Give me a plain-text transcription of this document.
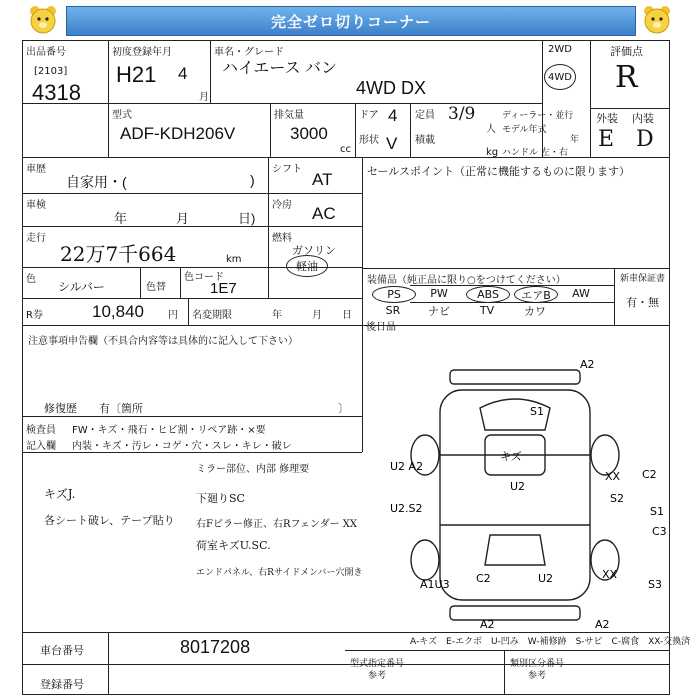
完全ゼロ切りコーナー
出品番号
[2103]
4318
初度登録年月
H21 4
月
車名・グレード
ハイエース バン
4WD DX
2WD
4WD
評価点
R
型式
ADF-KDH206V
排気量
3000
cc
ドア 4
形状 V
定員 3/9
人
積載
kg
ディーラー・並行
モデル年式
年
ハンドル 左・右
外装 内装
E D
車歴
自家用・(	)
シフト
AT	セールスポイント（正常に機能するものに限ります）
車検
年	月	日)
冷房 AC
走行
22万7千664	km
燃料
ガソリン
軽油
色
シルバー	色替
色コード
1E7	装備品（純正品に限り○をつけてください）
PS	PW	ABS	エアB	AW
SR	ナビ	TV	カワ
新車保証書
有・無
R券	10,840 円 名変期限	年	月 日
注意事項申告欄（不具合内容等は具体的に記入して下さい）
修復歴　　有〔箇所	〕
後日品
検査員
記入欄
FW・キズ・飛石・ヒビ割・リペア跡・×要
内装・キズ・汚レ・コゲ・穴・スレ・キレ・破レ
キズJ.
各シート破レ、テープ貼り
ミラー部位、内部 修理要
下廻りSC
右Fピラー修正、右Rフェンダー XX
荷室キズU.SC.
エンドパネル、右Rサイドメンバー穴開き
A2
S1
U2 A2
キズ
U2
XX C2
S2
U2.S2	S1
C3
A1U3 C2	U2	XX
S3
A2	A2
A-キズ　E-エクボ　U-凹み　W-補修跡　S-サビ　C-腐食　XX-交換済
車台番号	8017208
登録番号
型式指定番号	類別区分番号
参考	参考
